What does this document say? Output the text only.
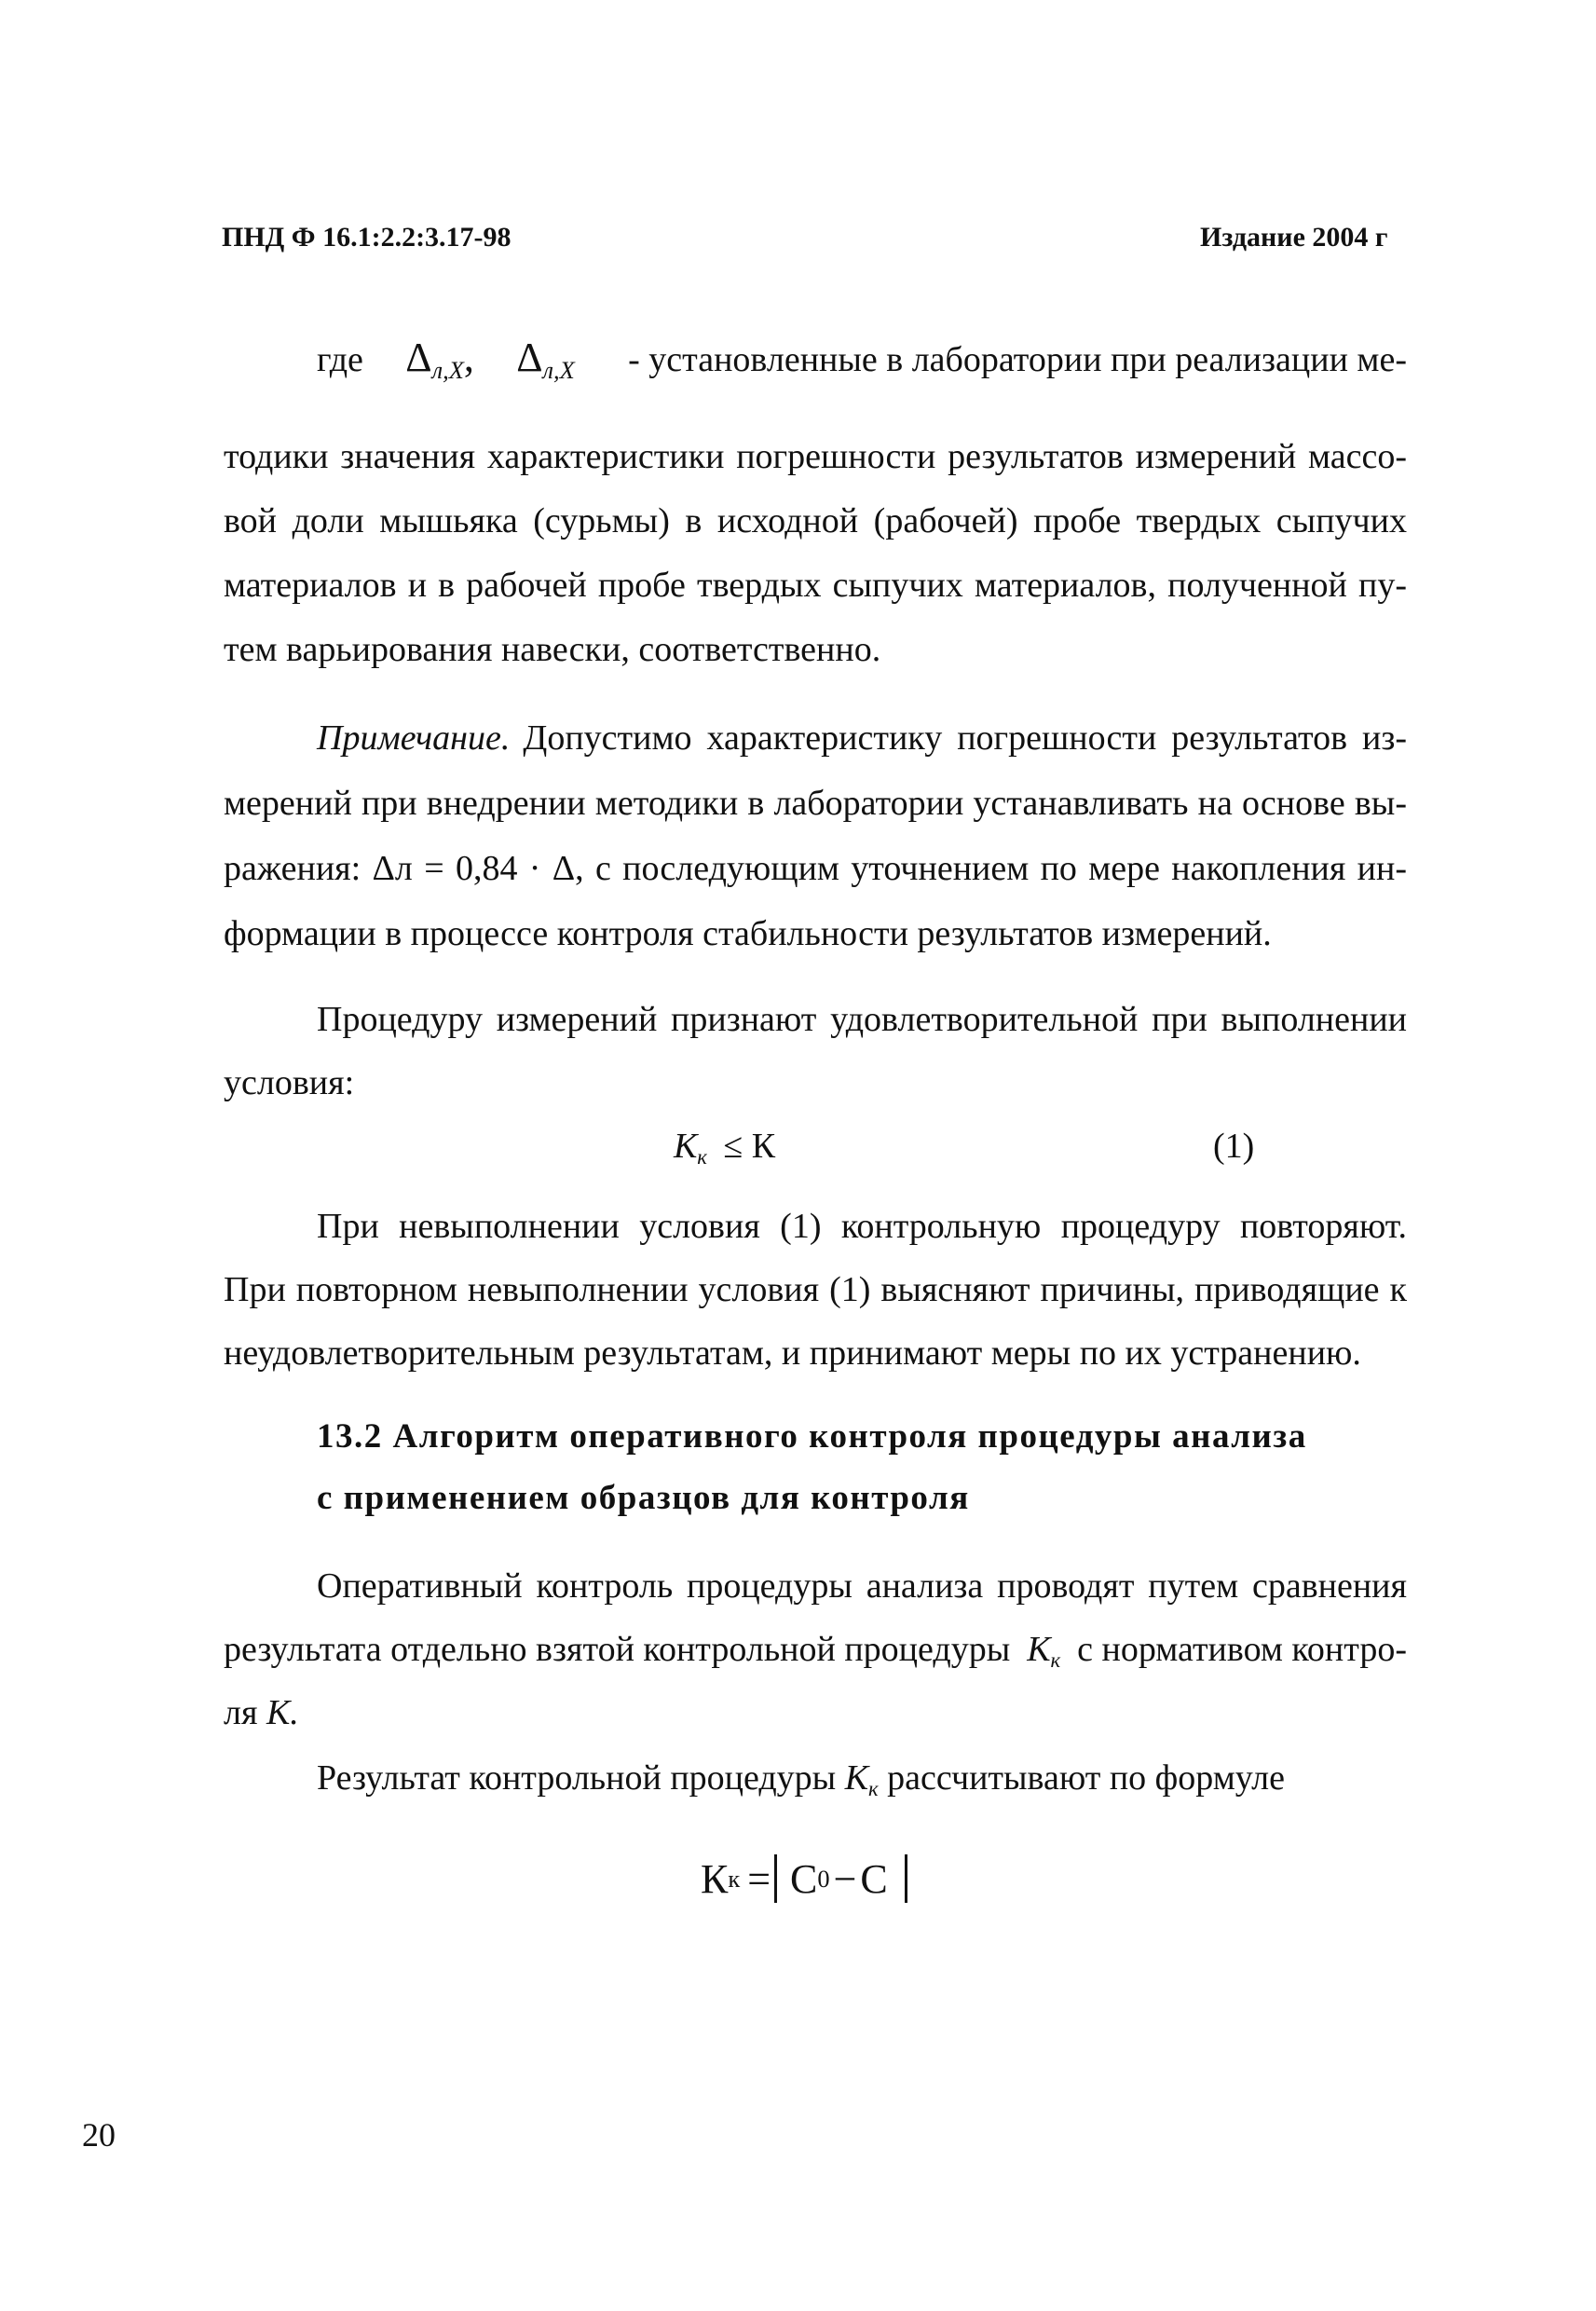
ПНД Ф 16.1:2.2:3.17-98	Издание 2004 г
где $\Delta_{л,X}$, $\Delta_{л,X}$ - установленные в лаборатории при реализации ме-
тодики значения характеристики погрешности результатов измерений массо-
вой доли мышьяка (сурьмы) в исходной (рабочей) пробе твердых сыпучих
материалов и в рабочей пробе твердых сыпучих материалов, полученной пу-
тем варьирования навески, соответственно.
Примечание. Допустимо характеристику погрешности результатов из-
мерений при внедрении методики в лаборатории устанавливать на основе вы-
ражения: Δл = 0,84 · Δ, с последующим уточнением по мере накопления ин-
формации в процессе контроля стабильности результатов измерений.
Процедуру измерений признают удовлетворительной при выполнении
условия:
$К_к \le К$	(1)
При невыполнении условия (1) контрольную процедуру повторяют.
При повторном невыполнении условия (1) выясняют причины, приводящие к
неудовлетворительным результатам, и принимают меры по их устранению.
13.2 Алгоритм оперативного контроля процедуры анализа
с применением образцов для контроля
Оперативный контроль процедуры анализа проводят путем сравнения
результата отдельно взятой контрольной процедуры $К_к$ с нормативом контро-
ля К.
Результат контрольной процедуры $К_к$ рассчитывают по формуле
К к = С 0 − С
20
